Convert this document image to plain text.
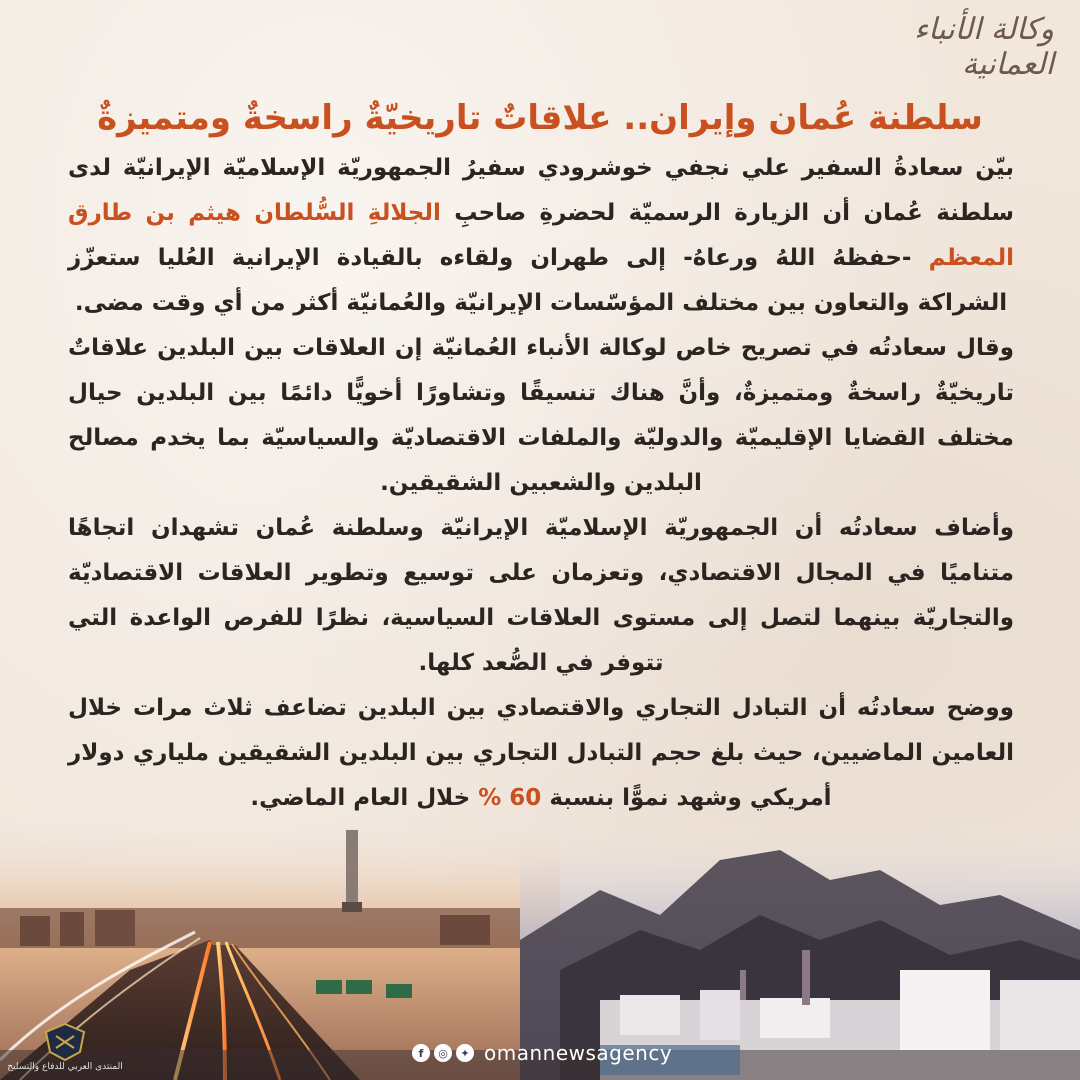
وكالة الأنباء العمانية
سلطنة عُمان وإيران.. علاقاتٌ تاريخيّةٌ راسخةٌ ومتميزةٌ

بيّن سعادةُ السفير علي نجفي خوشرودي سفيرُ الجمهوريّة الإسلاميّة الإيرانيّة لدى سلطنة عُمان أن الزيارة الرسميّة لحضرةِ صاحبِ الجلالةِ السُّلطان هيثم بن طارق المعظم -حفظهُ اللهُ ورعاهُ- إلى طهران ولقاءه بالقيادة الإيرانية العُليا ستعزّز الشراكة والتعاون بين مختلف المؤسّسات الإيرانيّة والعُمانيّة أكثر من أي وقت مضى.

وقال سعادتُه في تصريح خاص لوكالة الأنباء العُمانيّة إن العلاقات بين البلدين علاقاتٌ تاريخيّةٌ راسخةٌ ومتميزةٌ، وأنَّ هناك تنسيقًا وتشاورًا أخويًّا دائمًا بين البلدين حيال مختلف القضايا الإقليميّة والدوليّة والملفات الاقتصاديّة والسياسيّة بما يخدم مصالح البلدين والشعبين الشقيقين.

وأضاف سعادتُه أن الجمهوريّة الإسلاميّة الإيرانيّة وسلطنة عُمان تشهدان اتجاهًا متناميًا في المجال الاقتصادي، وتعزمان على توسيع وتطوير العلاقات الاقتصاديّة والتجاريّة بينهما لتصل إلى مستوى العلاقات السياسية، نظرًا للفرص الواعدة التي تتوفر في الصُّعد كلها.

ووضح سعادتُه أن التبادل التجاري والاقتصادي بين البلدين تضاعف ثلاث مرات خلال العامين الماضيين، حيث بلغ حجم التبادل التجاري بين البلدين الشقيقين ملياري دولار أمريكي وشهد نموًّا بنسبة 60 % خلال العام الماضي.

المنتدى العربي للدفاع والتسليح
f	◎	✦ omannewsagency
